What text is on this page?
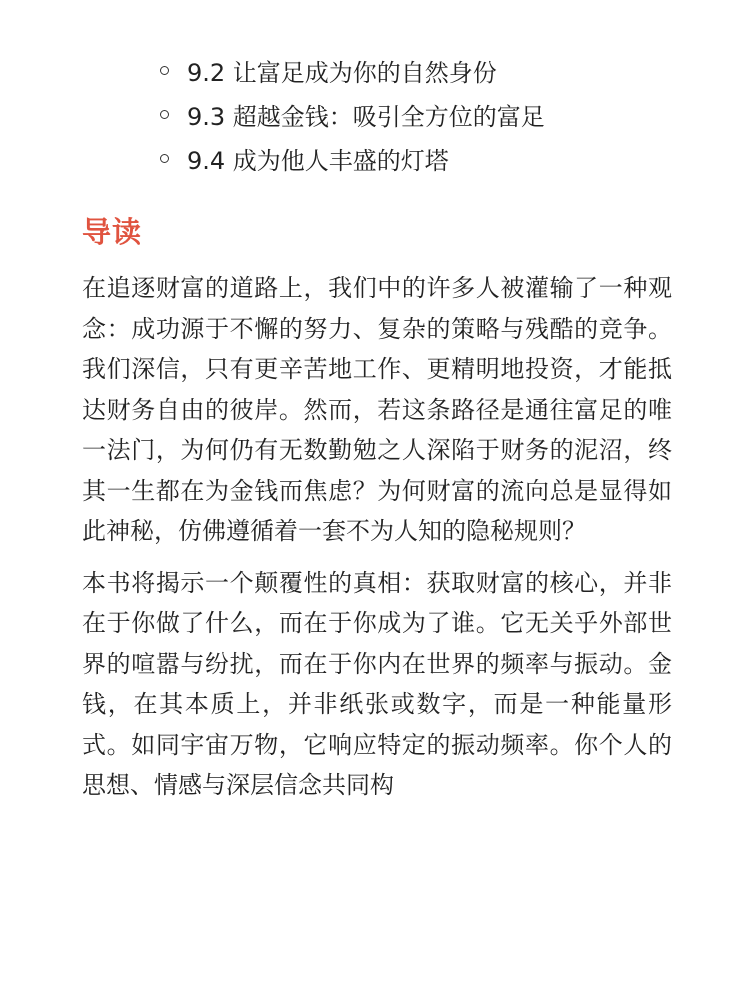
9.2 让富足成为你的自然身份
9.3 超越金钱：吸引全方位的富足
9.4 成为他人丰盛的灯塔
导读

在追逐财富的道路上，我们中的许多人被灌输了一种观念：成功源于不懈的努力、复杂的策略与残酷的竞争。我们深信，只有更辛苦地工作、更精明地投资，才能抵达财务自由的彼岸。然而，若这条路径是通往富足的唯一法门，为何仍有无数勤勉之人深陷于财务的泥沼，终其一生都在为金钱而焦虑？为何财富的流向总是显得如此神秘，仿佛遵循着一套不为人知的隐秘规则？

本书将揭示一个颠覆性的真相：获取财富的核心，并非在于你做了什么，而在于你成为了谁。它无关乎外部世界的喧嚣与纷扰，而在于你内在世界的频率与振动。金钱，在其本质上，并非纸张或数字，而是一种能量形式。如同宇宙万物，它响应特定的振动频率。你个人的思想、情感与深层信念共同构
